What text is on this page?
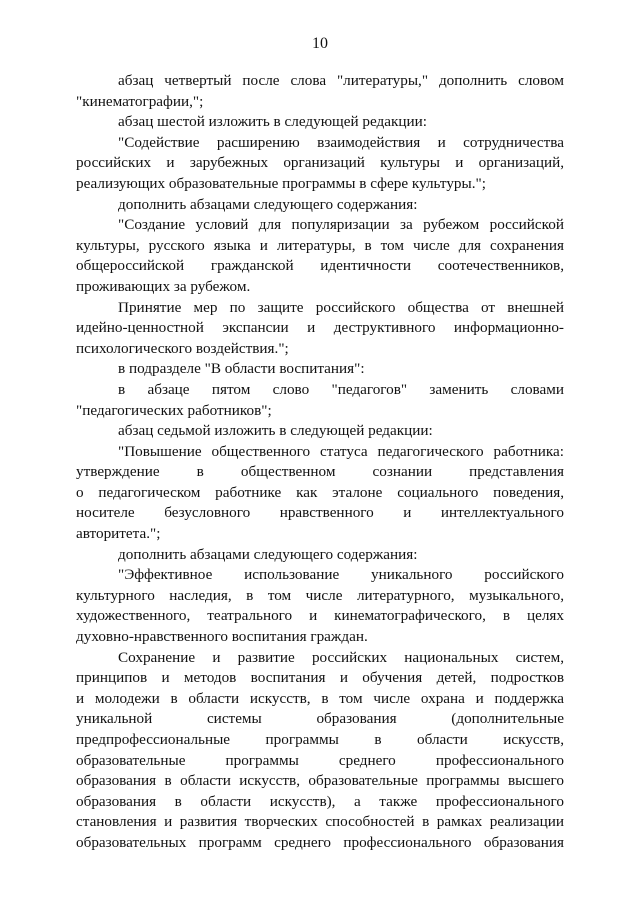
10
абзац четвертый после слова "литературы," дополнить словом
"кинематографии,";
абзац шестой изложить в следующей редакции:
"Содействие расширению взаимодействия и сотрудничества
российских и зарубежных организаций культуры и организаций,
реализующих образовательные программы в сфере культуры.";
дополнить абзацами следующего содержания:
"Создание условий для популяризации за рубежом российской
культуры, русского языка и литературы, в том числе для сохранения
общероссийской гражданской идентичности соотечественников,
проживающих за рубежом.
Принятие мер по защите российского общества от внешней
идейно-ценностной экспансии и деструктивного информационно-
психологического воздействия.";
в подразделе "В области воспитания":
в абзаце пятом слово "педагогов" заменить словами
"педагогических работников";
абзац седьмой изложить в следующей редакции:
"Повышение общественного статуса педагогического работника:
утверждение в общественном сознании представления
о педагогическом работнике как эталоне социального поведения,
носителе безусловного нравственного и интеллектуального
авторитета.";
дополнить абзацами следующего содержания:
"Эффективное использование уникального российского
культурного наследия, в том числе литературного, музыкального,
художественного, театрального и кинематографического, в целях
духовно-нравственного воспитания граждан.
Сохранение и развитие российских национальных систем,
принципов и методов воспитания и обучения детей, подростков
и молодежи в области искусств, в том числе охрана и поддержка
уникальной системы образования (дополнительные
предпрофессиональные программы в области искусств,
образовательные программы среднего профессионального
образования в области искусств, образовательные программы высшего
образования в области искусств), а также профессионального
становления и развития творческих способностей в рамках реализации
образовательных программ среднего профессионального образования
